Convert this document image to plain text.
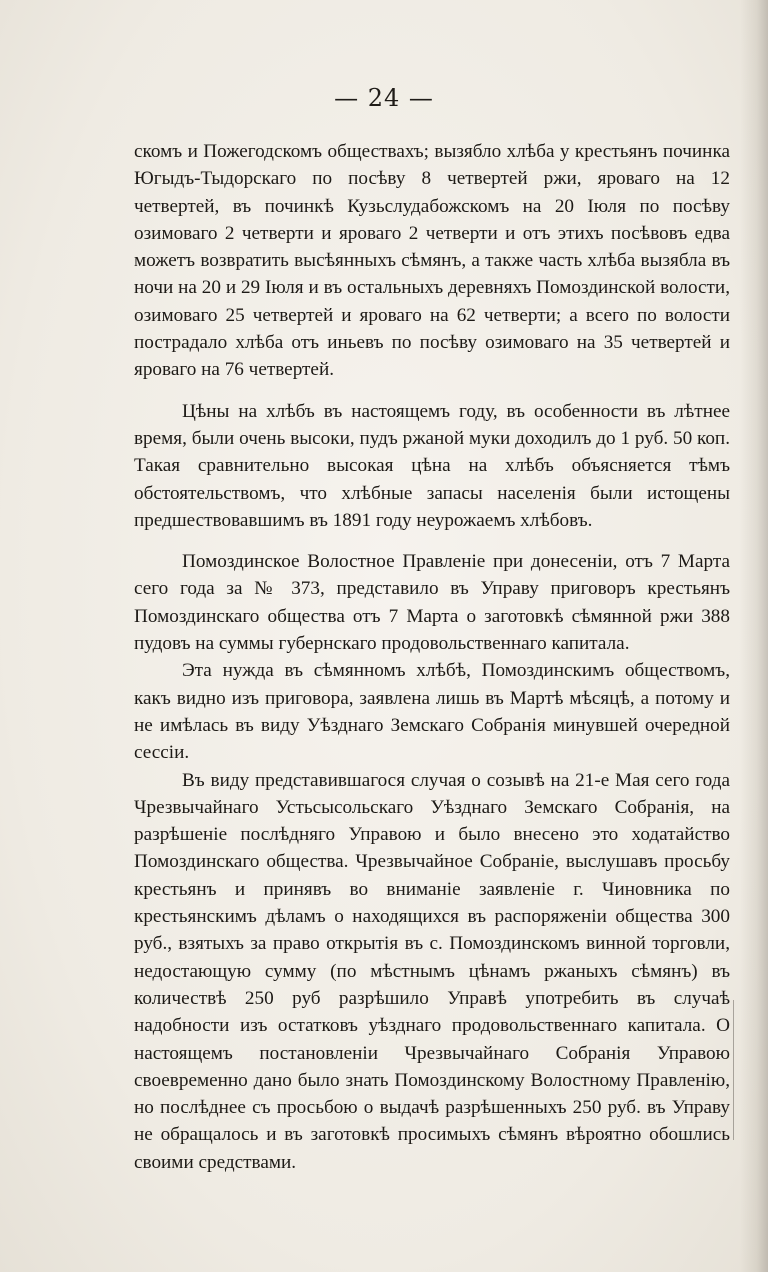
— 24 —

скомъ и Пожегодскомъ обществахъ; вызябло хлѣба у крестьянъ починка Югыдъ-Тыдорскаго по посѣву 8 четвертей ржи, яроваго на 12 четвертей, въ починкѣ Кузьслудабожскомъ на 20 Іюля по посѣву озимоваго 2 четверти и яроваго 2 четверти и отъ этихъ посѣвовъ едва можетъ возвратить высѣянныхъ сѣмянъ, а также часть хлѣба вызябла въ ночи на 20 и 29 Іюля и въ остальныхъ деревняхъ Помоздинской волости, озимоваго 25 четвертей и яроваго на 62 четверти; а всего по волости пострадало хлѣба отъ иньевъ по посѣву озимоваго на 35 четвертей и яроваго на 76 четвертей.

Цѣны на хлѣбъ въ настоящемъ году, въ особенности въ лѣтнее время, были очень высоки, пудъ ржаной муки доходилъ до 1 руб. 50 коп. Такая сравнительно высокая цѣна на хлѣбъ объясняется тѣмъ обстоятельствомъ, что хлѣбные запасы населенія были истощены предшествовавшимъ въ 1891 году неурожаемъ хлѣбовъ.

Помоздинское Волостное Правленіе при донесеніи, отъ 7 Марта сего года за № 373, представило въ Управу приговоръ крестьянъ Помоздинскаго общества отъ 7 Марта о заготовкѣ сѣмянной ржи 388 пудовъ на суммы губернскаго продовольственнаго капитала.

Эта нужда въ сѣмянномъ хлѣбѣ, Помоздинскимъ обществомъ, какъ видно изъ приговора, заявлена лишь въ Мартѣ мѣсяцѣ, а потому и не имѣлась въ виду Уѣзднаго Земскаго Собранія минувшей очередной сессіи.

Въ виду представившагося случая о созывѣ на 21-е Мая сего года Чрезвычайнаго Устьсысольскаго Уѣзднаго Земскаго Собранія, на разрѣшеніе послѣдняго Управою и было внесено это ходатайство Помоздинскаго общества. Чрезвычайное Собраніе, выслушавъ просьбу крестьянъ и принявъ во вниманіе заявленіе г. Чиновника по крестьянскимъ дѣламъ о находящихся въ распоряженіи общества 300 руб., взятыхъ за право открытія въ с. Помоздинскомъ винной торговли, недостающую сумму (по мѣстнымъ цѣнамъ ржаныхъ сѣмянъ) въ количествѣ 250 руб разрѣшило Управѣ употребить въ случаѣ надобности изъ остатковъ уѣзднаго продовольственнаго капитала. О настоящемъ постановленіи Чрезвычайнаго Собранія Управою своевременно дано было знать Помоздинскому Волостному Правленію, но послѣднее съ просьбою о выдачѣ разрѣшенныхъ 250 руб. въ Управу не обращалось и въ заготовкѣ просимыхъ сѣмянъ вѣроятно обошлись своими средствами.
